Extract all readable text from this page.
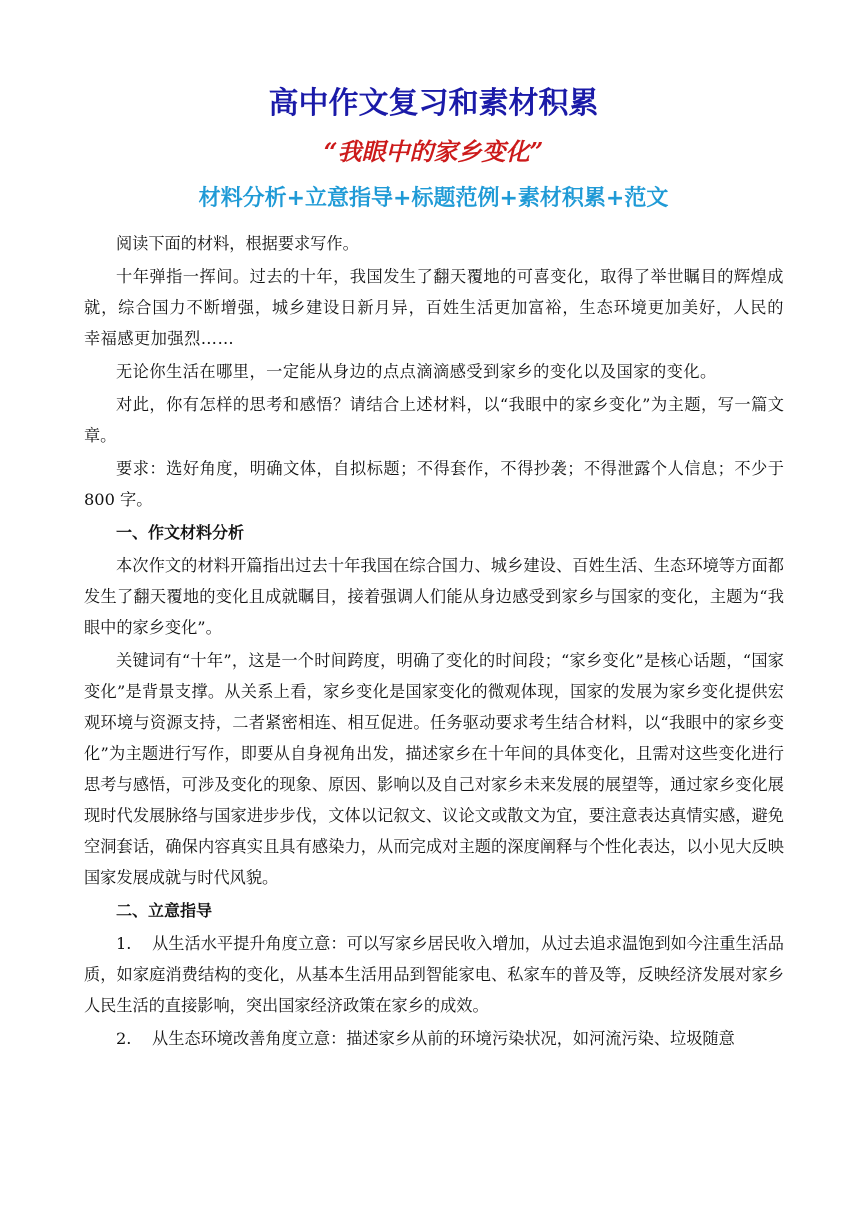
高中作文复习和素材积累
“我眼中的家乡变化”
材料分析+立意指导+标题范例+素材积累+范文

阅读下面的材料，根据要求写作。

十年弹指一挥间。过去的十年，我国发生了翻天覆地的可喜变化，取得了举世瞩目的辉煌成就，综合国力不断增强，城乡建设日新月异，百姓生活更加富裕，生态环境更加美好，人民的幸福感更加强烈……

无论你生活在哪里，一定能从身边的点点滴滴感受到家乡的变化以及国家的变化。

对此，你有怎样的思考和感悟？请结合上述材料，以“我眼中的家乡变化”为主题，写一篇文章。

要求：选好角度，明确文体，自拟标题；不得套作，不得抄袭；不得泄露个人信息；不少于 800 字。

一、作文材料分析

本次作文的材料开篇指出过去十年我国在综合国力、城乡建设、百姓生活、生态环境等方面都发生了翻天覆地的变化且成就瞩目，接着强调人们能从身边感受到家乡与国家的变化，主题为“我眼中的家乡变化”。

关键词有“十年”，这是一个时间跨度，明确了变化的时间段；“家乡变化”是核心话题，“国家变化”是背景支撑。从关系上看，家乡变化是国家变化的微观体现，国家的发展为家乡变化提供宏观环境与资源支持，二者紧密相连、相互促进。任务驱动要求考生结合材料，以“我眼中的家乡变化”为主题进行写作，即要从自身视角出发，描述家乡在十年间的具体变化，且需对这些变化进行思考与感悟，可涉及变化的现象、原因、影响以及自己对家乡未来发展的展望等，通过家乡变化展现时代发展脉络与国家进步步伐，文体以记叙文、议论文或散文为宜，要注意表达真情实感，避免空洞套话，确保内容真实且具有感染力，从而完成对主题的深度阐释与个性化表达，以小见大反映国家发展成就与时代风貌。

二、立意指导

1.    从生活水平提升角度立意：可以写家乡居民收入增加，从过去追求温饱到如今注重生活品质，如家庭消费结构的变化，从基本生活用品到智能家电、私家车的普及等，反映经济发展对家乡人民生活的直接影响，突出国家经济政策在家乡的成效。

2.    从生态环境改善角度立意：描述家乡从前的环境污染状况，如河流污染、垃圾随意
